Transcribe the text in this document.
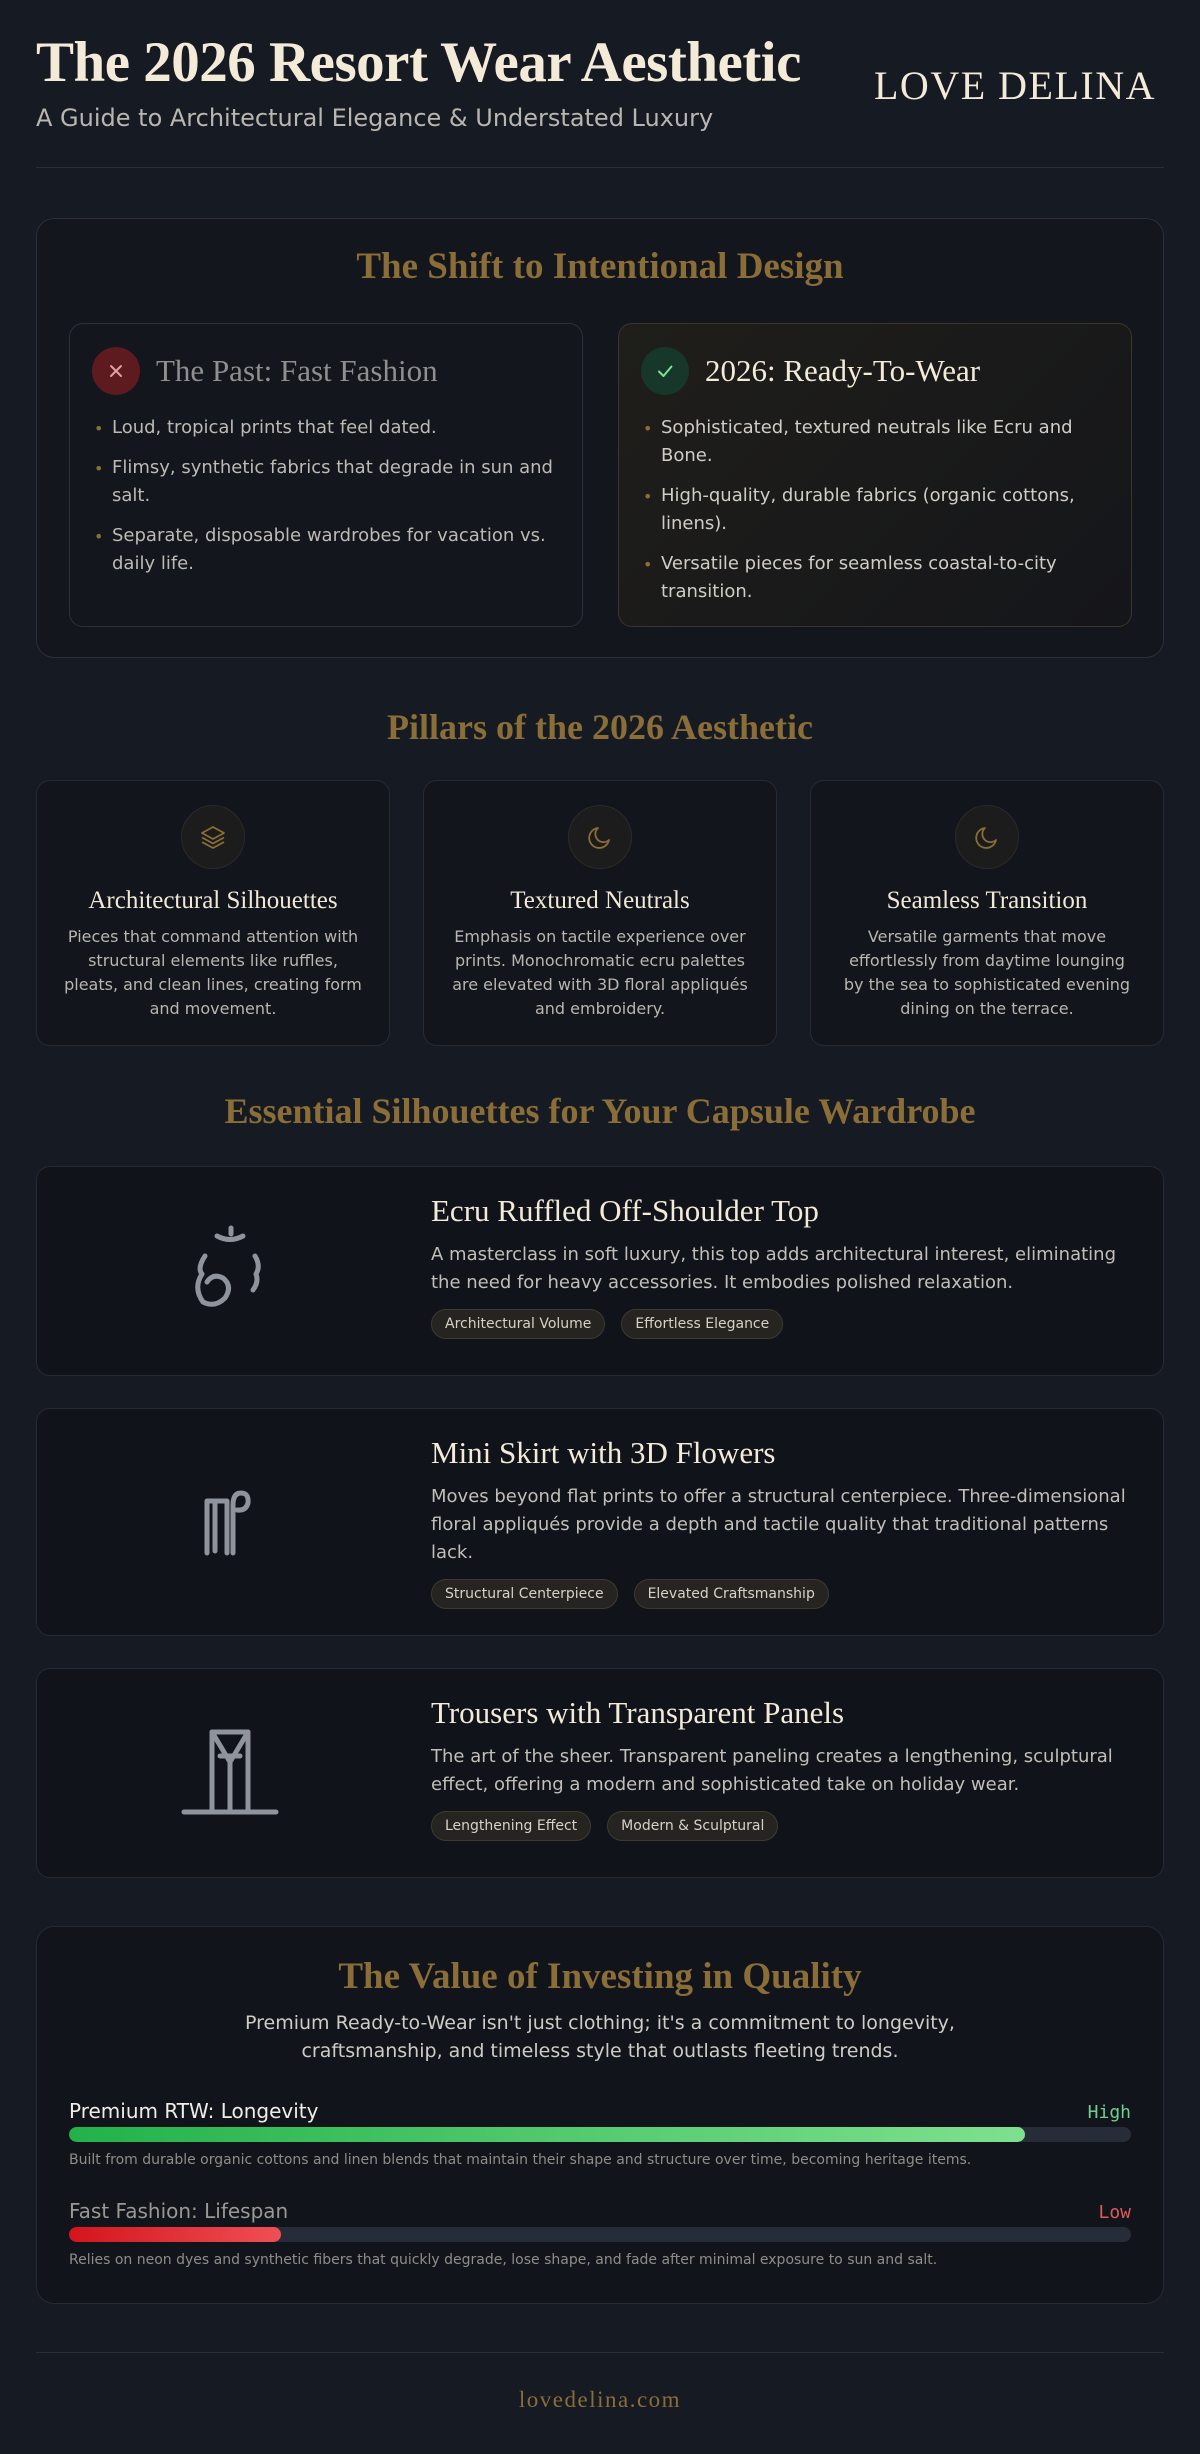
The 2026 Resort Wear Aesthetic

A Guide to Architectural Elegance & Understated Luxury

LOVE DELINA
The Shift to Intentional Design
The Past: Fast Fashion
• Loud, tropical prints that feel dated.
• Flimsy, synthetic fabrics that degrade in sun and salt.
• Separate, disposable wardrobes for vacation vs. daily life.
2026: Ready-To-Wear
• Sophisticated, textured neutrals like Ecru and Bone.
• High-quality, durable fabrics (organic cottons, linens).
• Versatile pieces for seamless coastal-to-city transition.
Pillars of the 2026 Aesthetic
Architectural Silhouettes
Pieces that command attention with structural elements like ruffles, pleats, and clean lines, creating form and movement.
Textured Neutrals
Emphasis on tactile experience over prints. Monochromatic ecru palettes are elevated with 3D floral appliqués and embroidery.
Seamless Transition
Versatile garments that move effortlessly from daytime lounging by the sea to sophisticated evening dining on the terrace.
Essential Silhouettes for Your Capsule Wardrobe
Ecru Ruffled Off-Shoulder Top
A masterclass in soft luxury, this top adds architectural interest, eliminating the need for heavy accessories. It embodies polished relaxation.
Architectural Volume	Effortless Elegance
Mini Skirt with 3D Flowers
Moves beyond flat prints to offer a structural centerpiece. Three-dimensional floral appliqués provide a depth and tactile quality that traditional patterns lack.
Structural Centerpiece	Elevated Craftsmanship
Trousers with Transparent Panels
The art of the sheer. Transparent paneling creates a lengthening, sculptural effect, offering a modern and sophisticated take on holiday wear.
Lengthening Effect	Modern & Sculptural
The Value of Investing in Quality

Premium Ready-to-Wear isn't just clothing; it's a commitment to longevity, craftsmanship, and timeless style that outlasts fleeting trends.

Premium RTW: Longevity	High
Built from durable organic cottons and linen blends that maintain their shape and structure over time, becoming heritage items.
Fast Fashion: Lifespan	Low
Relies on neon dyes and synthetic fibers that quickly degrade, lose shape, and fade after minimal exposure to sun and salt.
lovedelina.com
